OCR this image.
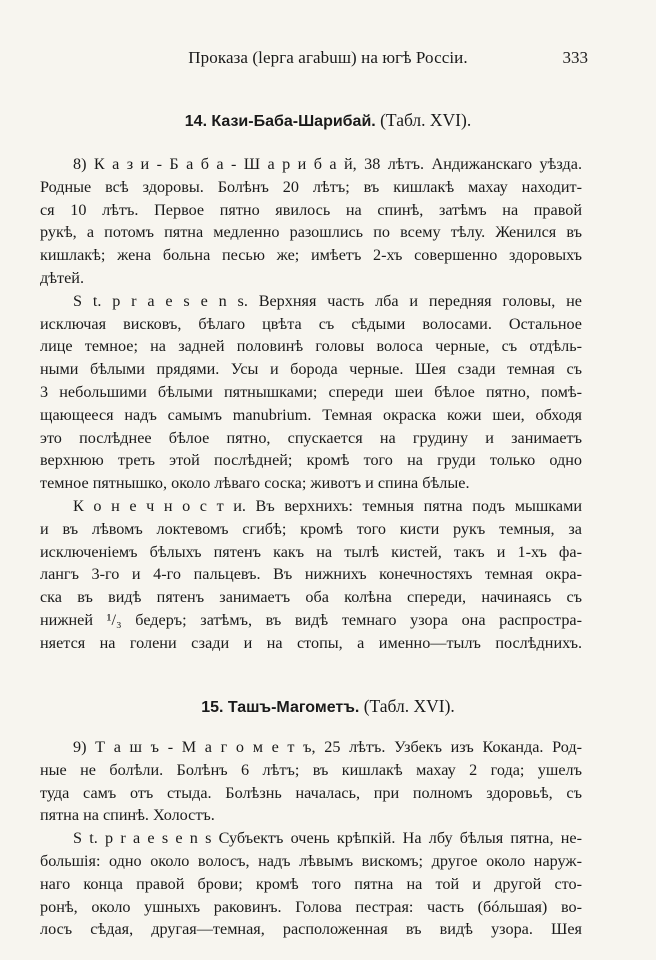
Проказа (lерга агаbuш) на югѣ Россiи.	333
14. Кази-Баба-Шарибай. (Табл. XVI).
8) К а з и - Б а б а - Ш а р и б а й, 38 лѣтъ. Андижанскаго уѣзда.
Родные всѣ здоровы. Болѣнъ 20 лѣтъ; въ кишлакѣ махау находит-
ся 10 лѣтъ. Первое пятно явилось на спинѣ, затѣмъ на правой
рукѣ, а потомъ пятна медленно разошлись по всему тѣлу. Женился въ
кишлакѣ; жена больна песью же; имѣетъ 2-хъ совершенно здоровыхъ
дѣтей.
S t. p r a e s e n s. Верхняя часть лба и передняя головы, не
исключая висковъ, бѣлаго цвѣта съ сѣдыми волосами. Остальное
лице темное; на задней половинѣ головы волоса черные, съ отдѣль-
ными бѣлыми прядями. Усы и борода черные. Шея сзади темная съ
3 небольшими бѣлыми пятнышками; спереди шеи бѣлое пятно, помѣ-
щающееся надъ самымъ manubrium. Темная окраска кожи шеи, обходя
это послѣднее бѣлое пятно, спускается на грудину и занимаетъ
верхнюю треть этой послѣдней; кромѣ того на груди только одно
темное пятнышко, около лѣваго соска; животъ и спина бѣлые.
К о н е ч н о с т и. Въ верхнихъ: темныя пятна подъ мышками
и въ лѣвомъ локтевомъ сгибѣ; кромѣ того кисти рукъ темныя, за
исключенiемъ бѣлыхъ пятенъ какъ на тылѣ кистей, такъ и 1-хъ фа-
лангъ 3-го и 4-го пальцевъ. Въ нижнихъ конечностяхъ темная окра-
ска въ видѣ пятенъ занимаетъ оба колѣна спереди, начинаясь съ
нижней ¹/₃ бедеръ; затѣмъ, въ видѣ темнаго узора она распростра-
няется на голени сзади и на стопы, а именно—тылъ послѣднихъ.
15. Ташъ-Магометъ. (Табл. XVI).
9) Т а ш ъ - М а г о м е т ъ, 25 лѣтъ. Узбекъ изъ Коканда. Род-
ные не болѣли. Болѣнъ 6 лѣтъ; въ кишлакѣ махау 2 года; ушелъ
туда самъ отъ стыда. Болѣзнь началась, при полномъ здоровьѣ, съ
пятна на спинѣ. Холостъ.
S t. p r a e s e n s Субъектъ очень крѣпкiй. На лбу бѣлыя пятна, не-
большiя: одно около волосъ, надъ лѣвымъ вискомъ; другое около наруж-
наго конца правой брови; кромѣ того пятна на той и другой сто-
ронѣ, около ушныхъ раковинъ. Голова пестрая: часть (бóльшая) во-
лосъ сѣдая, другая—темная, расположенная въ видѣ узора. Шея
